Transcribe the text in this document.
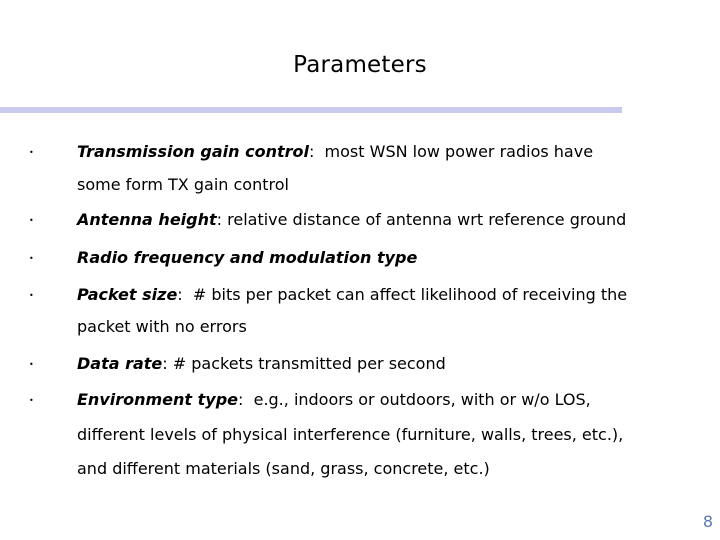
Parameters
•	Transmission gain control:  most WSN low power radios have
some form TX gain control
•	Antenna height: relative distance of antenna wrt reference ground
•	Radio frequency and modulation type
•	Packet size:  # bits per packet can affect likelihood of receiving the
packet with no errors
•	Data rate: # packets transmitted per second
•	Environment type:  e.g., indoors or outdoors, with or w/o LOS,
different levels of physical interference (furniture, walls, trees, etc.),
and different materials (sand, grass, concrete, etc.)
8
